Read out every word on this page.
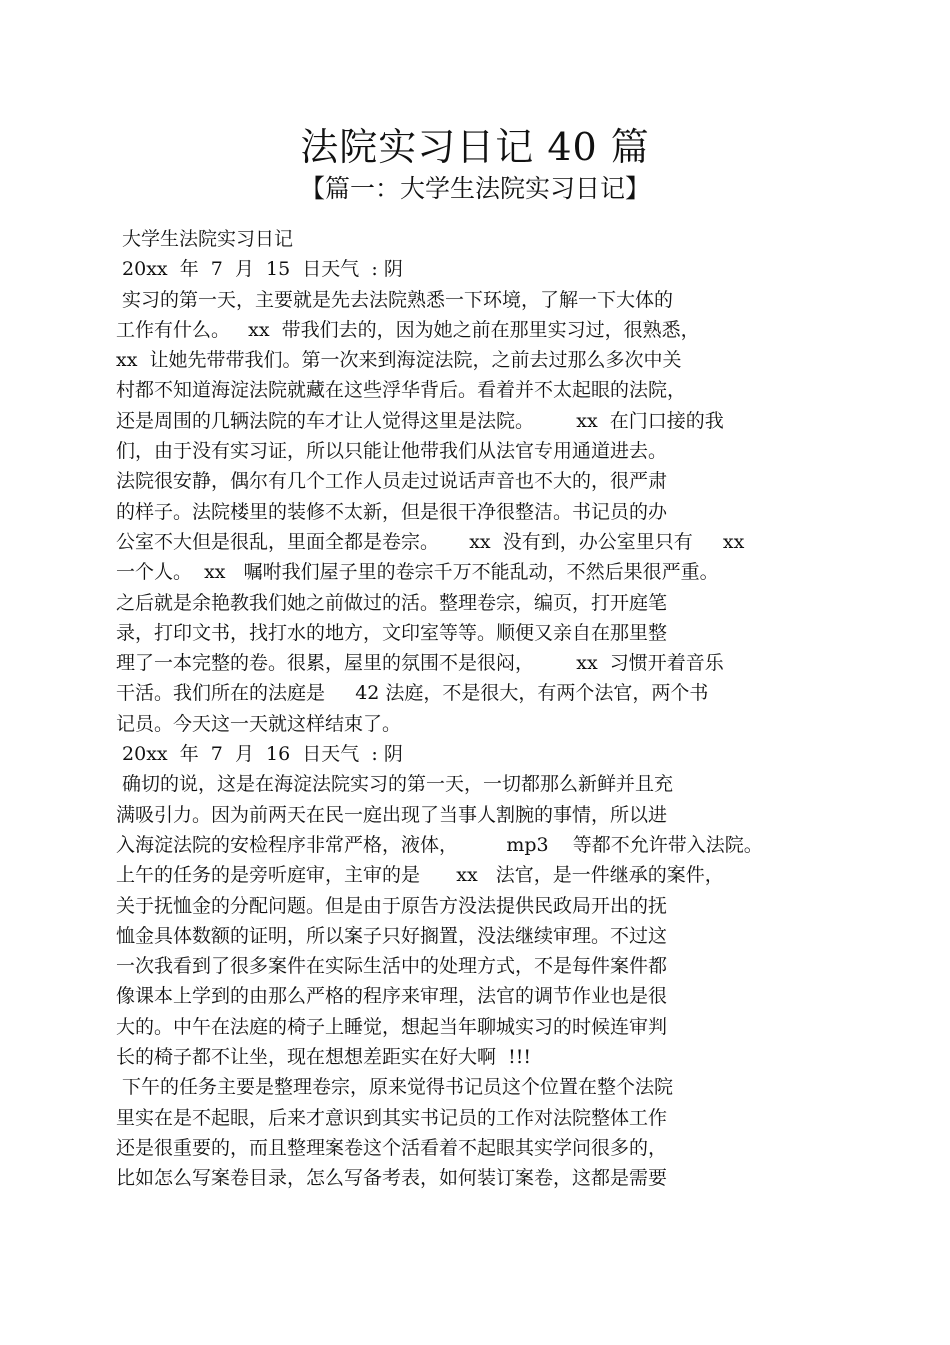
法院实习日记 40 篇
【篇一：大学生法院实习日记】
大学生法院实习日记
20xx  年  7  月  15  日天气  : 阴
实习的第一天，主要就是先去法院熟悉一下环境，了解一下大体的
工作有什么。   xx  带我们去的，因为她之前在那里实习过，很熟悉，
xx  让她先带带我们。第一次来到海淀法院，之前去过那么多次中关
村都不知道海淀法院就藏在这些浮华背后。看着并不太起眼的法院，
还是周围的几辆法院的车才让人觉得这里是法院。       xx  在门口接的我
们，由于没有实习证，所以只能让他带我们从法官专用通道进去。
法院很安静，偶尔有几个工作人员走过说话声音也不大的，很严肃
的样子。法院楼里的装修不太新，但是很干净很整洁。书记员的办
公室不大但是很乱，里面全都是卷宗。     xx  没有到，办公室里只有     xx
一个人。  xx   嘱咐我们屋子里的卷宗千万不能乱动，不然后果很严重。
之后就是余艳教我们她之前做过的活。整理卷宗，编页，打开庭笔
录，打印文书，找打水的地方，文印室等等。顺便又亲自在那里整
理了一本完整的卷。很累，屋里的氛围不是很闷，       xx  习惯开着音乐
干活。我们所在的法庭是     42 法庭，不是很大，有两个法官，两个书
记员。今天这一天就这样结束了。
20xx  年  7  月  16  日天气  : 阴
确切的说，这是在海淀法院实习的第一天，一切都那么新鲜并且充
满吸引力。因为前两天在民一庭出现了当事人割腕的事情，所以进
入海淀法院的安检程序非常严格，液体，        mp3    等都不允许带入法院。
上午的任务的是旁听庭审，主审的是      xx   法官，是一件继承的案件，
关于抚恤金的分配问题。但是由于原告方没法提供民政局开出的抚
恤金具体数额的证明，所以案子只好搁置，没法继续审理。不过这
一次我看到了很多案件在实际生活中的处理方式，不是每件案件都
像课本上学到的由那么严格的程序来审理，法官的调节作业也是很
大的。中午在法庭的椅子上睡觉，想起当年聊城实习的时候连审判
长的椅子都不让坐，现在想想差距实在好大啊  !!!
下午的任务主要是整理卷宗，原来觉得书记员这个位置在整个法院
里实在是不起眼，后来才意识到其实书记员的工作对法院整体工作
还是很重要的，而且整理案卷这个活看着不起眼其实学问很多的，
比如怎么写案卷目录，怎么写备考表，如何装订案卷，这都是需要
